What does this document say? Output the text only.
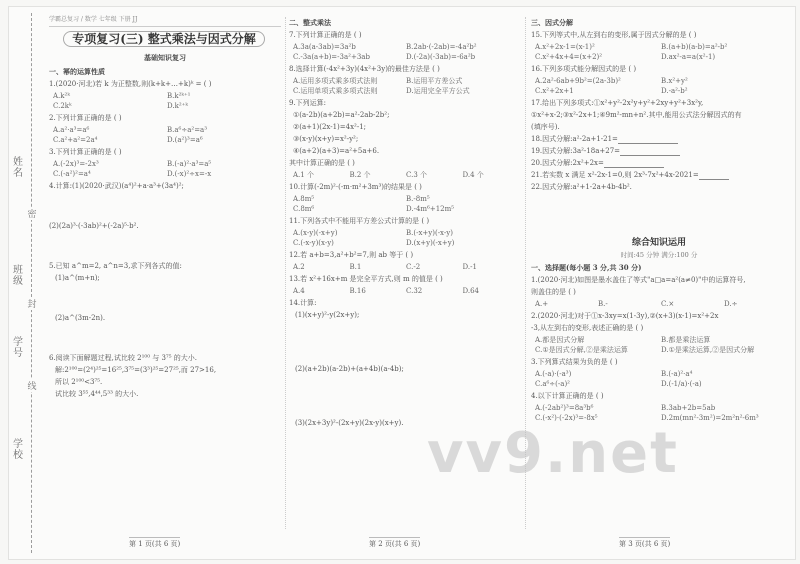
姓名
班级
学号
学校
密
封
线
学霸总复习 / 数学 七年级 下册 JJ
专项复习(三) 整式乘法与因式分解
基础知识复习
一、幂的运算性质
1.(2020·河北)若 k 为正整数,则(k+k+…+k)ᵏ = ( )
A.k²ᵏ	B.k²ᵏ⁺¹
C.2kᵏ	D.k²⁺ᵏ
2.下列计算正确的是 ( )
A.a²·a³=a⁶	B.a⁶÷a²=a³
C.a²+a²=2a⁴	D.(a²)³=a⁶
3.下列计算正确的是 ( )
A.(-2x)³=-2x³	B.(-a)²·a³=a⁵
C.(-a²)²=a⁴	D.(-x)²÷x=-x
4.计算:(1)(2020·武汉)(a⁴)²+a·a³+(3a⁴)²;
(2)(2a)³·(-3ab)²+(-2a)⁵·b².
5.已知 a^m=2, a^n=3,求下列各式的值:
(1)a^(m+n);
(2)a^(3m-2n).
6.阅读下面解题过程,试比较 2¹⁰⁰ 与 3⁷⁵ 的大小.
解:2¹⁰⁰=(2⁴)²⁵=16²⁵,3⁷⁵=(3³)²⁵=27²⁵,而 27>16,
所以 2¹⁰⁰<3⁷⁵.
试比较 3⁵⁵,4⁴⁴,5³³ 的大小.
二、整式乘法
7.下列计算正确的是 ( )
A.3a(a-3ab)=3a²b	B.2ab·(-2ab)=-4a²b²
C.-3a(a+b)=-3a²+3ab	D.(-2a)(-3ab)=-6a²b
8.选择计算(-4x²+3y)(4x²+3y)的最佳方法是 ( )
A.运用多项式乘多项式法则	B.运用平方差公式
C.运用单项式乘多项式法则	D.运用完全平方公式
9.下列运算:
①(a-2b)(a+2b)=a²-2ab-2b²;
②(a+1)(2x-1)=4x²-1;
③(x-y)(x+y)=x²-y²;
④(a+2)(a+3)=a²+5a+6.
其中计算正确的是 ( )
A.1 个	B.2 个	C.3 个	D.4 个
10.计算(-2m)²·(-m·m²+3m³)的结果是 ( )
A.8m⁵	B.-8m⁵
C.8m⁶	D.-4m⁶+12m⁵
11.下列各式中不能用平方差公式计算的是 ( )
A.(x-y)(-x+y)	B.(-x+y)(-x-y)
C.(-x-y)(x-y)	D.(x+y)(-x+y)
12.若 a+b=3,a²+b²=7,则 ab 等于 ( )
A.2	B.1	C.-2	D.-1
13.若 x²+16x+m 是完全平方式,则 m 的值是 ( )
A.4	B.16	C.32	D.64
14.计算:
(1)(x+y)²-y(2x+y);
(2)(a+2b)(a-2b)+(a+4b)(a-4b);
(3)(2x+3y)²-(2x+y)(2x-y)(x+y).
三、因式分解
15.下列等式中,从左到右的变形,属于因式分解的是 ( )
A.x²+2x-1=(x-1)²	B.(a+b)(a-b)=a²-b²
C.x²+4x+4=(x+2)²	D.ax²-a=a(x²-1)
16.下列多项式能分解因式的是 ( )
A.2a²-6ab+9b²=(2a-3b)²	B.x²+y²
C.x²+2x+1	D.-a²-b²
17.给出下列多项式:①x²+y²-2x²y+y²+2xy+y²+3x²y,
①x²+x-2;③x²-2x+1;④9m²-mn+n².其中,能用公式法分解因式的有
(填序号).
18.因式分解:a²-2a+1-21=
19.因式分解:3a²-18a+27=
20.因式分解:2x²+2x=
21.若实数 x 满足 x²-2x-1=0,则 2x³-7x²+4x-2021=
22.因式分解:a²+1-2a+4b-4b².
综合知识运用
时间:45 分钟 满分:100 分
一、选择题(每小题 3 分,共 30 分)
1.(2020·河北)如图是墨水盖住了等式"a□a=a²(a≠0)"中的运算符号,
则盖住的是 ( )
A.+	B.-	C.×	D.÷
2.(2020·河北)对于①x-3xy=x(1-3y),②(x+3)(x-1)=x²+2x
-3,从左到右的变形,表述正确的是 ( )
A.都是因式分解	B.都是乘法运算
C.①是因式分解,②是乘法运算	D.①是乘法运算,②是因式分解
3.下列算式结果为负的是 ( )
A.(-a)·(-a³)	B.(-a)²·a⁴
C.a⁶÷(-a)²	D.(-1/a)·(-a)
4.以下计算正确的是 ( )
A.(-2ab²)³=8a³b⁶	B.3ab+2b=5ab
C.(-x²)·(-2x)³=-8x⁵	D.2m(mn²-3m²)=2m²n²-6m³
第 1 页(共 6 页)	第 2 页(共 6 页)	第 3 页(共 6 页)
vv9.net
